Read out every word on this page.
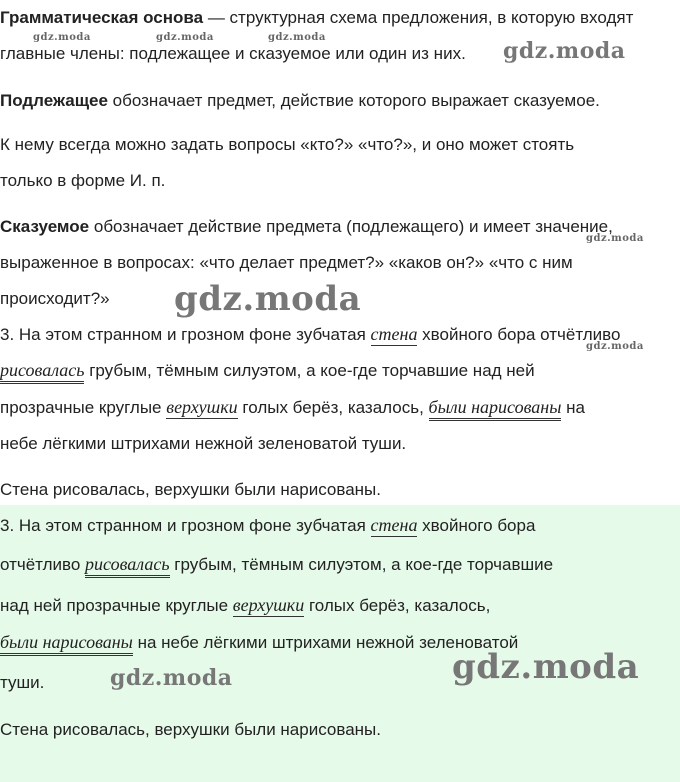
Грамматическая основа — структурная схема предложения, в которую входят
главные члены: подлежащее и сказуемое или один из них.
Подлежащее обозначает предмет, действие которого выражает сказуемое.
К нему всегда можно задать вопросы «кто?» «что?», и оно может стоять
только в форме И. п.
Сказуемое обозначает действие предмета (подлежащего) и имеет значение,
выраженное в вопросах: «что делает предмет?» «каков он?» «что с ним
происходит?»
3. На этом странном и грозном фоне зубчатая стена хвойного бора отчётливо
рисовалась грубым, тёмным силуэтом, а кое-где торчавшие над ней
прозрачные круглые верхушки голых берёз, казалось, были нарисованы на
небе лёгкими штрихами нежной зеленоватой туши.
Стена рисовалась, верхушки были нарисованы.
3. На этом странном и грозном фоне зубчатая стена хвойного бора
отчётливо рисовалась грубым, тёмным силуэтом, а кое-где торчавшие
над ней прозрачные круглые верхушки голых берёз, казалось,
были нарисованы на небе лёгкими штрихами нежной зеленоватой
туши.
Стена рисовалась, верхушки были нарисованы.
gdz.moda	gdz.moda	gdz.moda
gdz.moda
gdz.moda
gdz.moda
gdz.moda
gdz.moda	gdz.moda
